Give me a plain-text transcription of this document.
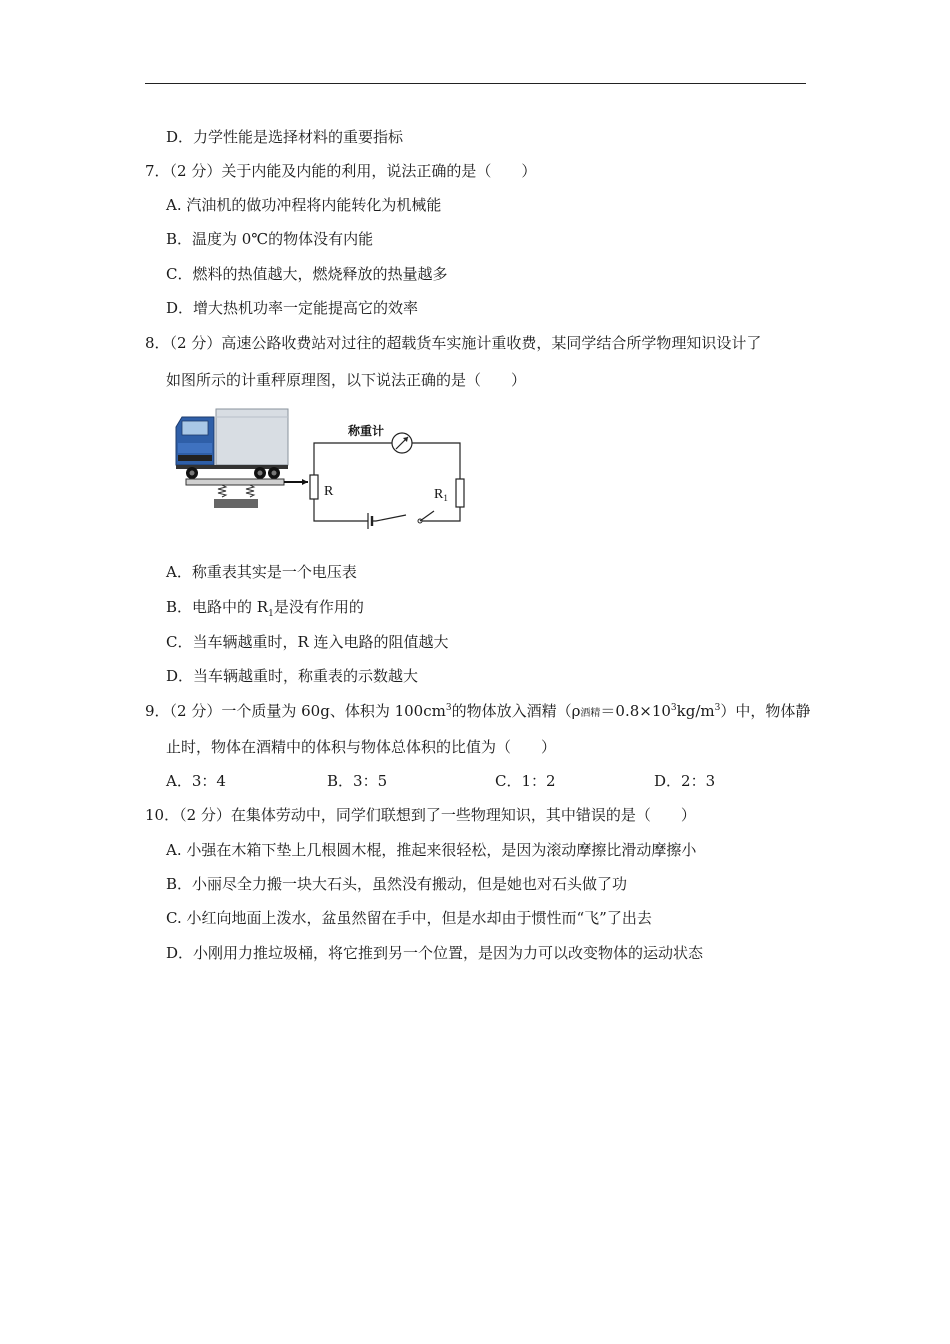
D．力学性能是选择材料的重要指标
7．（2 分）关于内能及内能的利用，说法正确的是（　　）
A. 汽油机的做功冲程将内能转化为机械能
B．温度为 0℃的物体没有内能
C．燃料的热值越大，燃烧释放的热量越多
D．增大热机功率一定能提高它的效率
8．（2 分）高速公路收费站对过往的超载货车实施计重收费，某同学结合所学物理知识设计了
如图所示的计重秤原理图，以下说法正确的是（　　）
R
称重计
$R_1$
A．称重表其实是一个电压表
B．电路中的 $R_1$是没有作用的
C．当车辆越重时，R 连入电路的阻值越大
D．当车辆越重时，称重表的示数越大
9．（2 分）一个质量为 60g、体积为 $100cm^3$的物体放入酒精（ρ酒精$=0.8\times 10^3kg/m^3$）中，物体静
止时，物体在酒精中的体积与物体总体积的比值为（　　）
A．3：4	B．3：5	C．1：2	D．2：3
10．（2 分）在集体劳动中，同学们联想到了一些物理知识，其中错误的是（　　）
A. 小强在木箱下垫上几根圆木棍，推起来很轻松，是因为滚动摩擦比滑动摩擦小
B．小丽尽全力搬一块大石头，虽然没有搬动，但是她也对石头做了功
C. 小红向地面上泼水，盆虽然留在手中，但是水却由于惯性而“飞”了出去
D．小刚用力推垃圾桶，将它推到另一个位置，是因为力可以改变物体的运动状态
